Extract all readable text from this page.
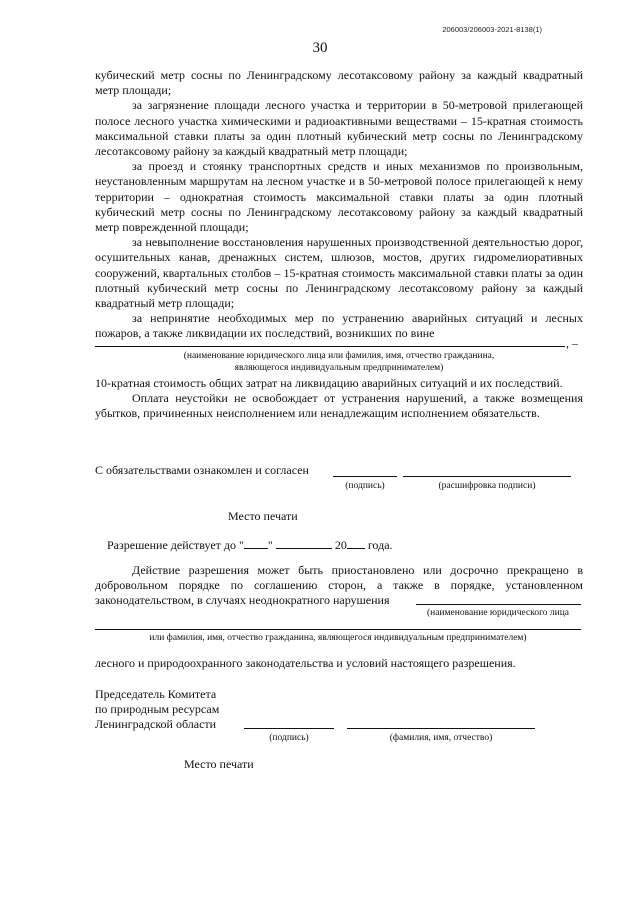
206003/206003-2021-8138(1)
30

кубический метр сосны по Ленинградскому лесотаксовому району за каждый квадратный метр площади;

за загрязнение площади лесного участка и территории в 50-метровой прилегающей полосе лесного участка химическими и радиоактивными веществами – 15-кратная стоимость максимальной ставки платы за один плотный кубический метр сосны по Ленинградскому лесотаксовому району за каждый квадратный метр площади;

за проезд и стоянку транспортных средств и иных механизмов по произвольным, неустановленным маршрутам на лесном участке и в 50-метровой полосе прилегающей к нему территории – однократная стоимость максимальной ставки платы за один плотный кубический метр сосны по Ленинградскому лесотаксовому району за каждый квадратный метр поврежденной площади;

за невыполнение восстановления нарушенных производственной деятельностью дорог, осушительных канав, дренажных систем, шлюзов, мостов, других гидромелиоративных сооружений, квартальных столбов – 15-кратная стоимость максимальной ставки платы за один плотный кубический метр сосны по Ленинградскому лесотаксовому району за каждый квадратный метр площади;

за непринятие необходимых мер по устранению аварийных ситуаций и лесных пожаров, а также ликвидации их последствий, возникших по вине

, –
(наименование юридического лица или фамилия, имя, отчество гражданина,
являющегося индивидуальным предпринимателем)

10-кратная стоимость общих затрат на ликвидацию аварийных ситуаций и их последствий.

Оплата неустойки не освобождает от устранения нарушений, а также возмещения убытков, причиненных неисполнением или ненадлежащим исполнением обязательств.

С обязательствами ознакомлен и согласен
(подпись)	(расшифровка подписи)
Место печати
Разрешение действует до " "	20 года.

Действие разрешения может быть приостановлено или досрочно прекращено в добровольном порядке по соглашению сторон, а также в порядке, установленном законодательством, в случаях неоднократного нарушения

(наименование юридического лица
или фамилия, имя, отчество гражданина, являющегося индивидуальным предпринимателем)
лесного и природоохранного законодательства и условий настоящего разрешения.
Председатель Комитета
по природным ресурсам
Ленинградской области
(подпись)	(фамилия, имя, отчество)
Место печати
